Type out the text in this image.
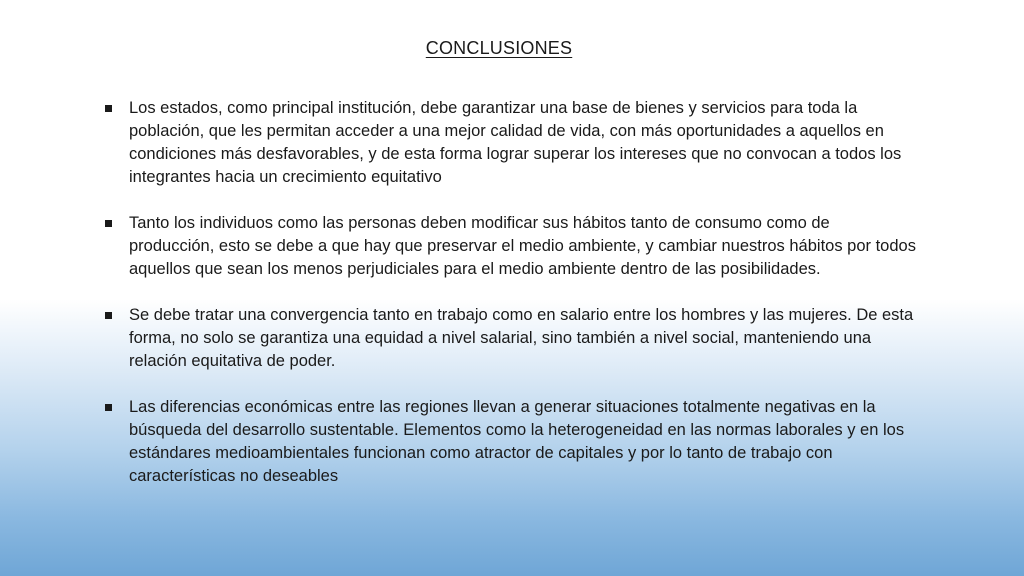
CONCLUSIONES
Los estados, como principal institución, debe garantizar una base de bienes y servicios para toda la población, que les permitan acceder a una mejor calidad de vida, con más oportunidades a aquellos en condiciones más desfavorables, y de esta forma lograr superar los intereses que no convocan a todos los integrantes hacia un crecimiento equitativo
Tanto los individuos como las personas deben modificar sus hábitos tanto de consumo como de producción, esto se debe a que hay que preservar el medio ambiente, y cambiar nuestros hábitos por todos aquellos que sean los menos perjudiciales para el medio ambiente dentro de las posibilidades.
Se debe tratar una convergencia tanto en trabajo como en salario entre los hombres y las mujeres. De esta forma, no solo se garantiza una equidad a nivel salarial, sino también a nivel social, manteniendo una relación equitativa de poder.
Las diferencias económicas entre las regiones llevan a generar situaciones totalmente negativas en la búsqueda del desarrollo sustentable. Elementos como la heterogeneidad en las normas laborales y en los estándares medioambientales funcionan como atractor de capitales y por lo tanto de trabajo con características no deseables
